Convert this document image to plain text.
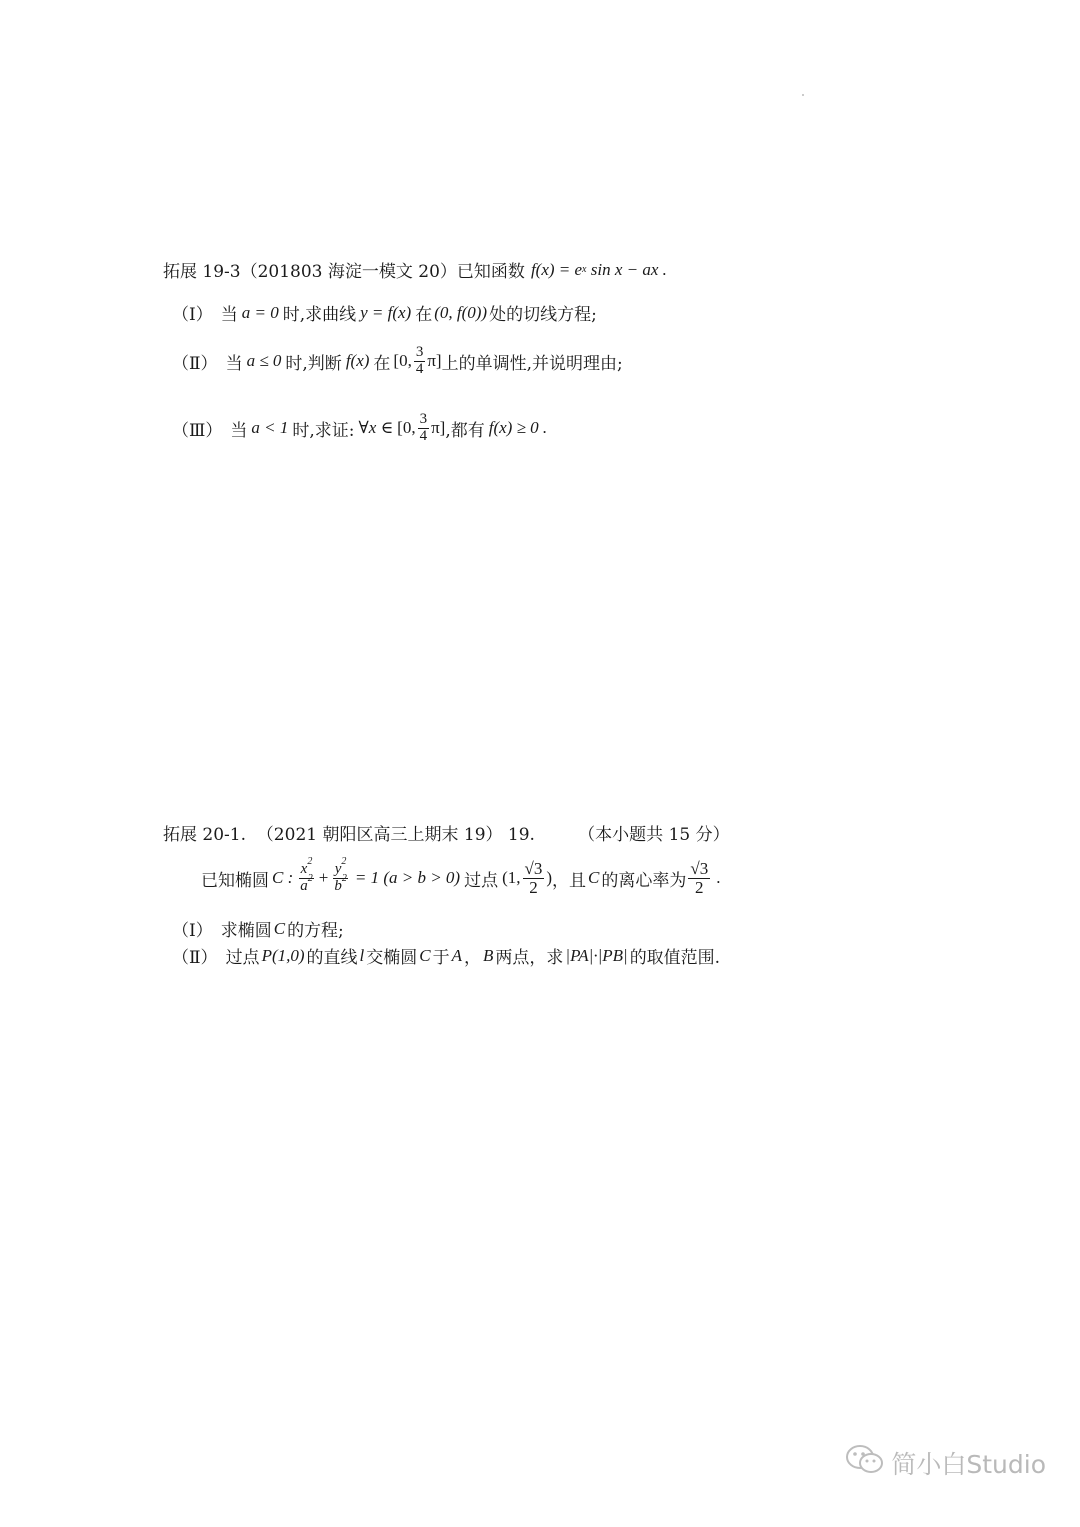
拓展 19-3（201803 海淀一模文 20）已知函数 f(x) = e x sin x − ax .
（Ⅰ） 当 a = 0 时,求曲线 y = f(x) 在 (0, f(0)) 处的切线方程;
（Ⅱ） 当 a ≤ 0 时,判断 f(x) 在 [0, $\frac{3}{4} \pi$] 上的单调性,并说明理由;
（Ⅲ） 当 a < 1 时,求证: ∀x ∈ [0, $\frac{3}{4} \pi$] ,都有 f(x) ≥ 0 .
拓展 20-1.  （2021 朝阳区高三上期末 19） 19.        （本小题共 15 分）
已知椭圆 C : $\frac{x^2}{a^2} + \frac{y^2}{b^2} = 1$ (a > b > 0) 过点 (1, $\frac{√3}{2}$ ) ，且 C 的离心率为 $\frac{√3}{2}$ .
（Ⅰ） 求椭圆 C 的方程;
（Ⅱ） 过点 P(1,0) 的直线 l 交椭圆 C 于 A ， B 两点，求 |PA|·|PB| 的取值范围.
简小白Studio
